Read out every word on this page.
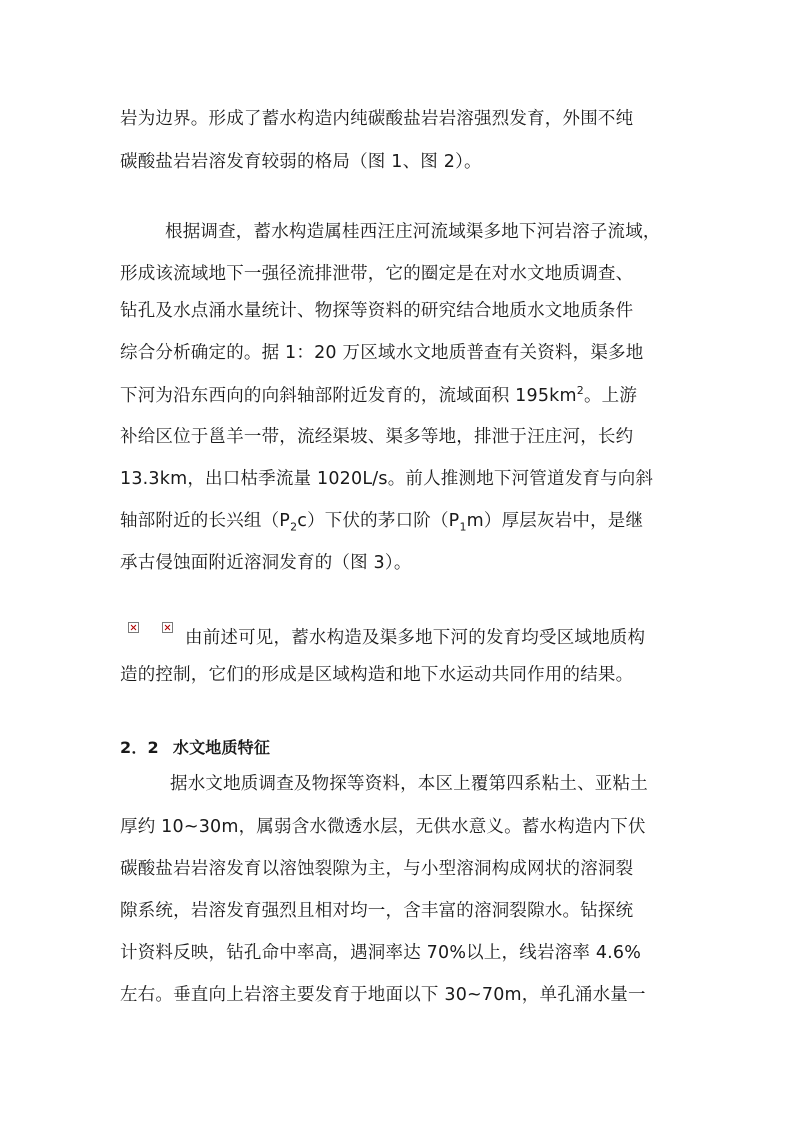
岩为边界。形成了蓄水构造内纯碳酸盐岩岩溶强烈发育，外围不纯
碳酸盐岩岩溶发育较弱的格局（图 1、图 2）。
根据调查，蓄水构造属桂西汪庄河流域渠多地下河岩溶子流域，
形成该流域地下一强径流排泄带，它的圈定是在对水文地质调查、
钻孔及水点涌水量统计、物探等资料的研究结合地质水文地质条件
综合分析确定的。据 1：20 万区域水文地质普查有关资料，渠多地
下河为沿东西向的向斜轴部附近发育的，流域面积 $195km^2$。上游
补给区位于邕羊一带，流经渠坡、渠多等地，排泄于汪庄河，长约
13.3km，出口枯季流量 1020L/s。前人推测地下河管道发育与向斜
轴部附近的长兴组$(P_2c)$下伏的茅口阶$(P_1m)$厚层灰岩中，是继
承古侵蚀面附近溶洞发育的（图 3）。
由前述可见，蓄水构造及渠多地下河的发育均受区域地质构
造的控制，它们的形成是区域构造和地下水运动共同作用的结果。
2．2 水文地质特征
据水文地质调查及物探等资料，本区上覆第四系粘土、亚粘土
厚约 10~30m，属弱含水微透水层，无供水意义。蓄水构造内下伏
碳酸盐岩岩溶发育以溶蚀裂隙为主，与小型溶洞构成网状的溶洞裂
隙系统，岩溶发育强烈且相对均一，含丰富的溶洞裂隙水。钻探统
计资料反映，钻孔命中率高，遇洞率达 70%以上，线岩溶率 4.6%
左右。垂直向上岩溶主要发育于地面以下 30~70m，单孔涌水量一
